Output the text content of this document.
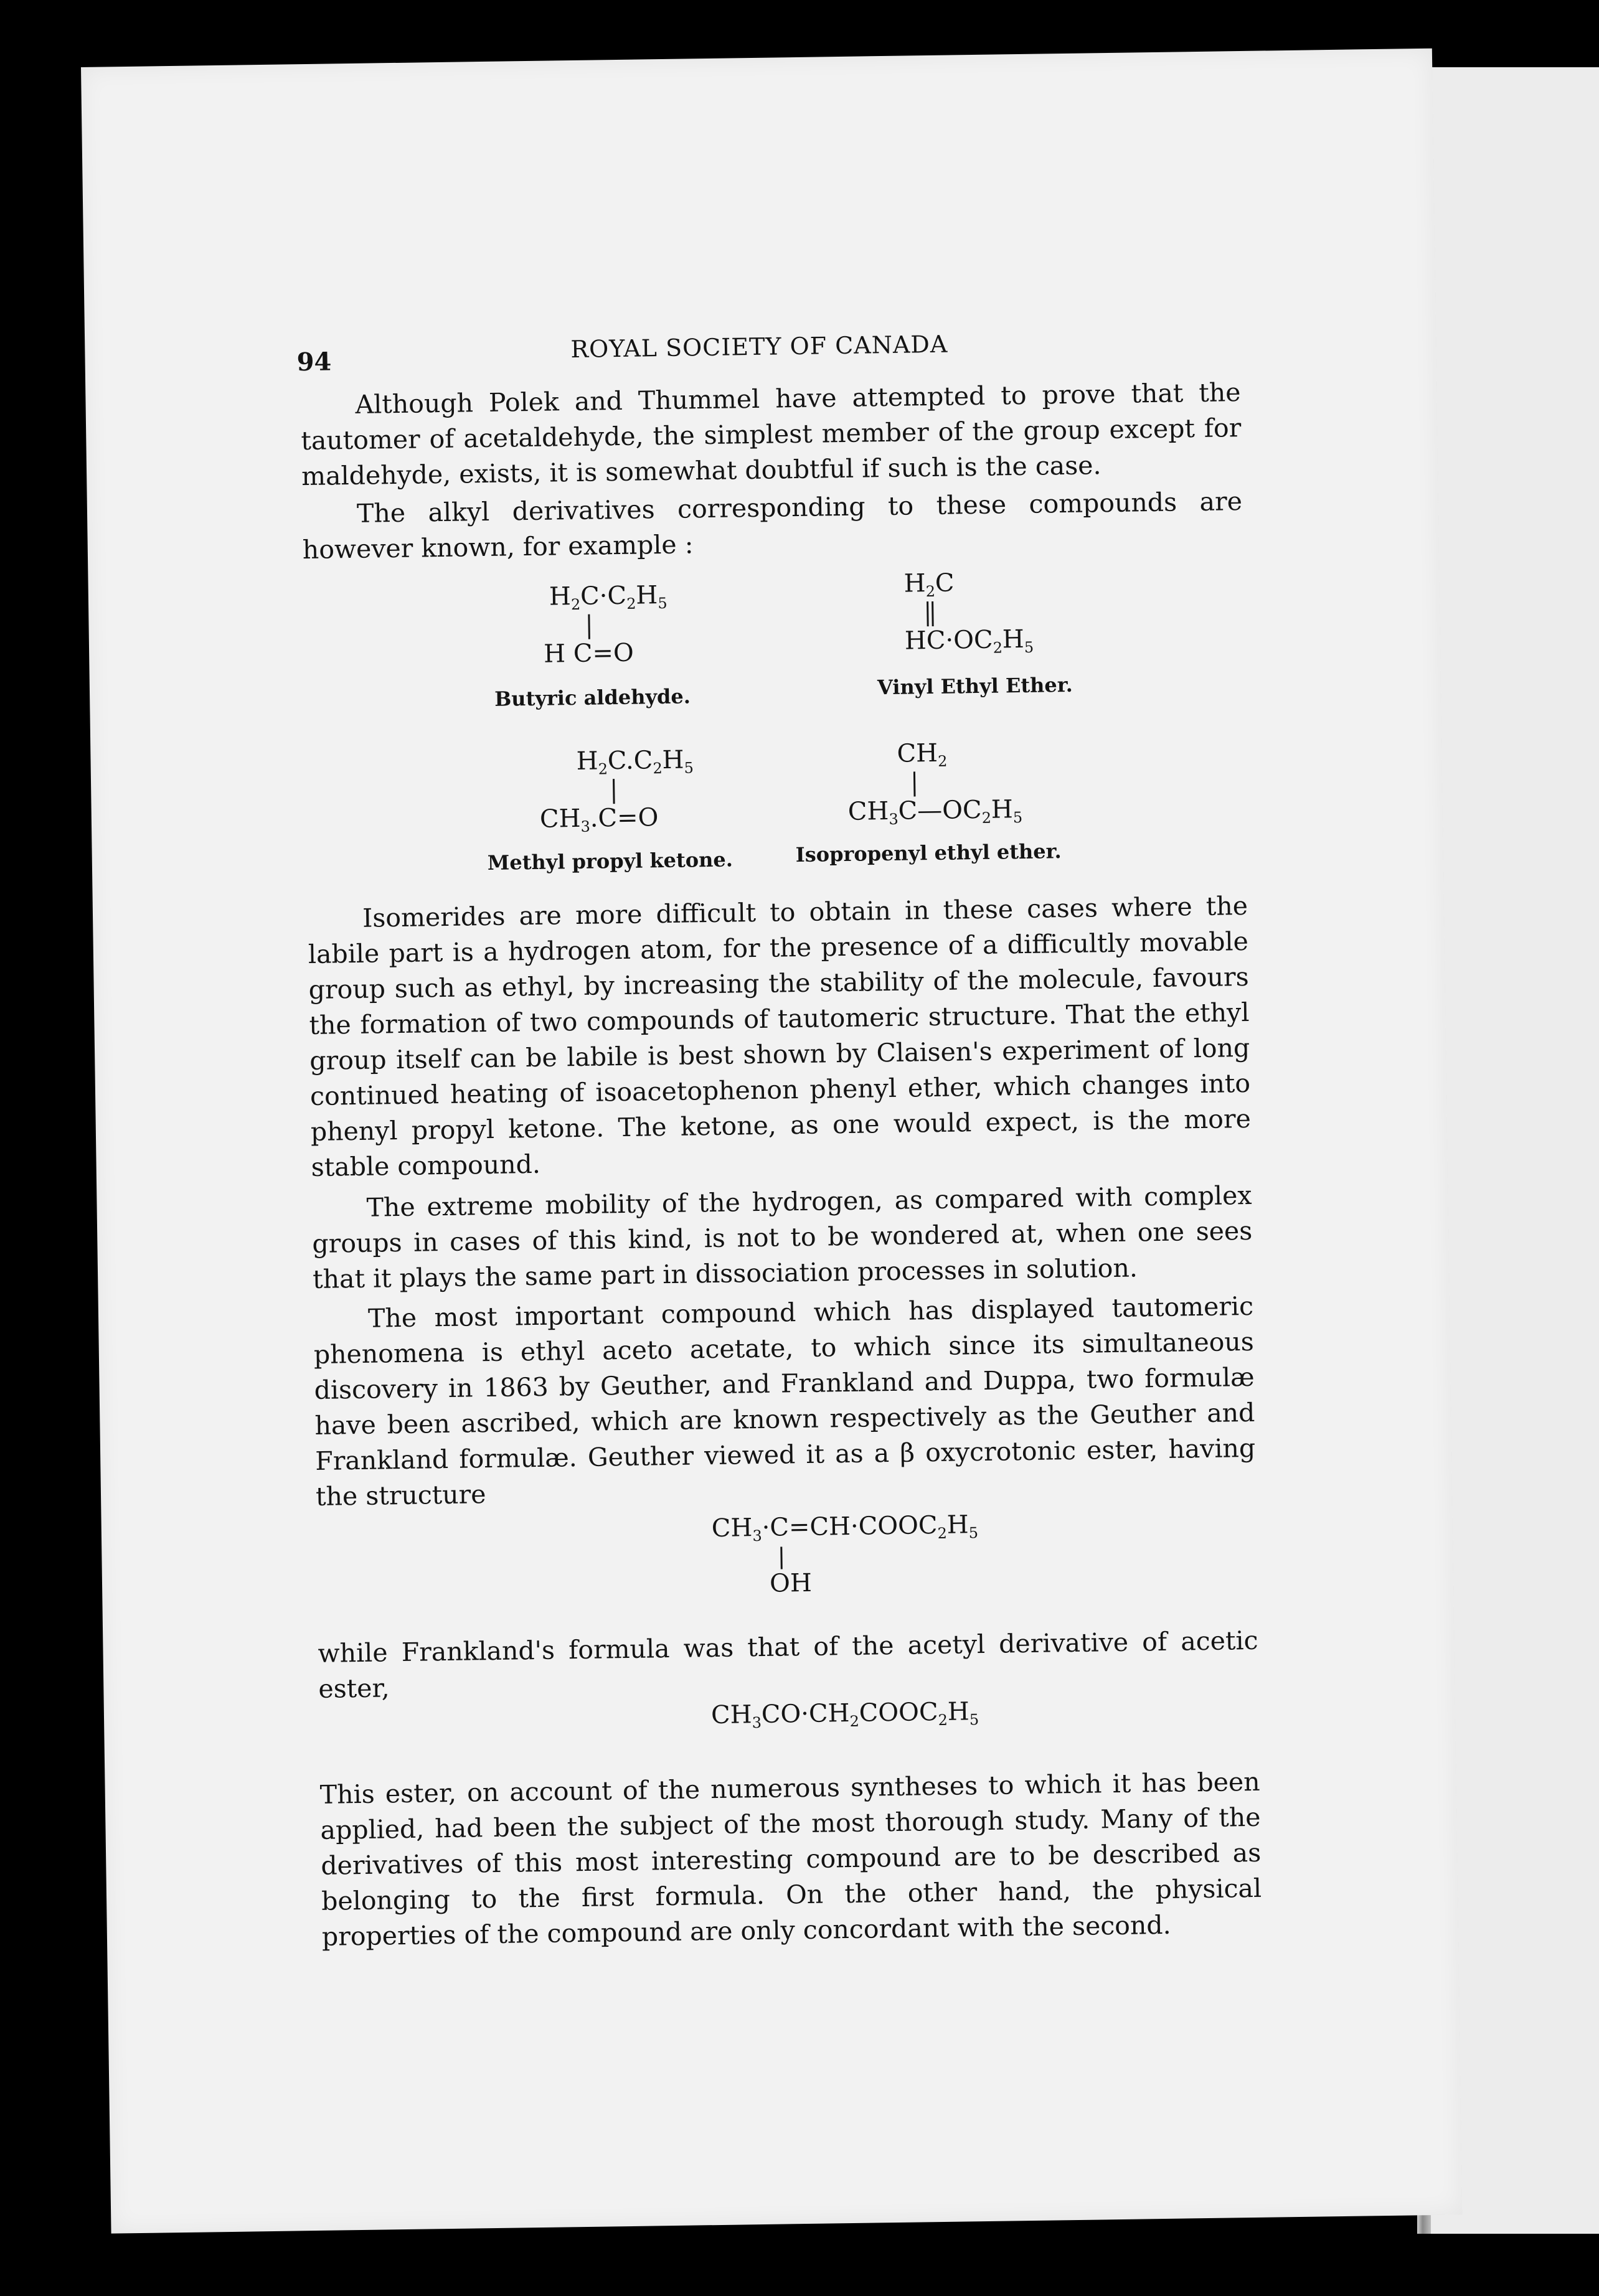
94	ROYAL SOCIETY OF CANADA

Although Polek and Thummel have attempted to prove that the tautomer of acetaldehyde, the simplest member of the group except for maldehyde, exists, it is somewhat doubtful if such is the case.

The alkyl derivatives corresponding to these compounds are however known, for example :

$H_2C\cdot C_2H_5$
H C=O
Butyric aldehyde.
$H_2C$
$HC\cdot OC_2H_5$
Vinyl Ethyl Ether.
$H_2C.C_2H_5$
$CH_3.C=O$
Methyl propyl ketone.
$CH_2$
$CH_3C—OC_2H_5$
Isopropenyl ethyl ether.

Isomerides are more difficult to obtain in these cases where the labile part is a hydrogen atom, for the presence of a difficultly movable group such as ethyl, by increasing the stability of the molecule, favours the formation of two compounds of tautomeric structure. That the ethyl group itself can be labile is best shown by Claisen's experiment of long continued heating of isoacetophenon phenyl ether, which changes into phenyl propyl ketone. The ketone, as one would expect, is the more stable compound.

The extreme mobility of the hydrogen, as compared with complex groups in cases of this kind, is not to be wondered at, when one sees that it plays the same part in dissociation processes in solution.

The most important compound which has displayed tautomeric phenomena is ethyl aceto acetate, to which since its simultaneous discovery in 1863 by Geuther, and Frankland and Duppa, two formulæ have been ascribed, which are known respectively as the Geuther and Frankland formulæ. Geuther viewed it as a β oxycrotonic ester, having the structure

$CH_3\cdot C=CH\cdot COOC_2H_5$
OH

while Frankland's formula was that of the acetyl derivative of acetic ester,

$CH_3CO\cdot CH_2COOC_2H_5$

This ester, on account of the numerous syntheses to which it has been applied, had been the subject of the most thorough study. Many of the derivatives of this most interesting compound are to be described as belonging to the first formula. On the other hand, the physical properties of the compound are only concordant with the second.
